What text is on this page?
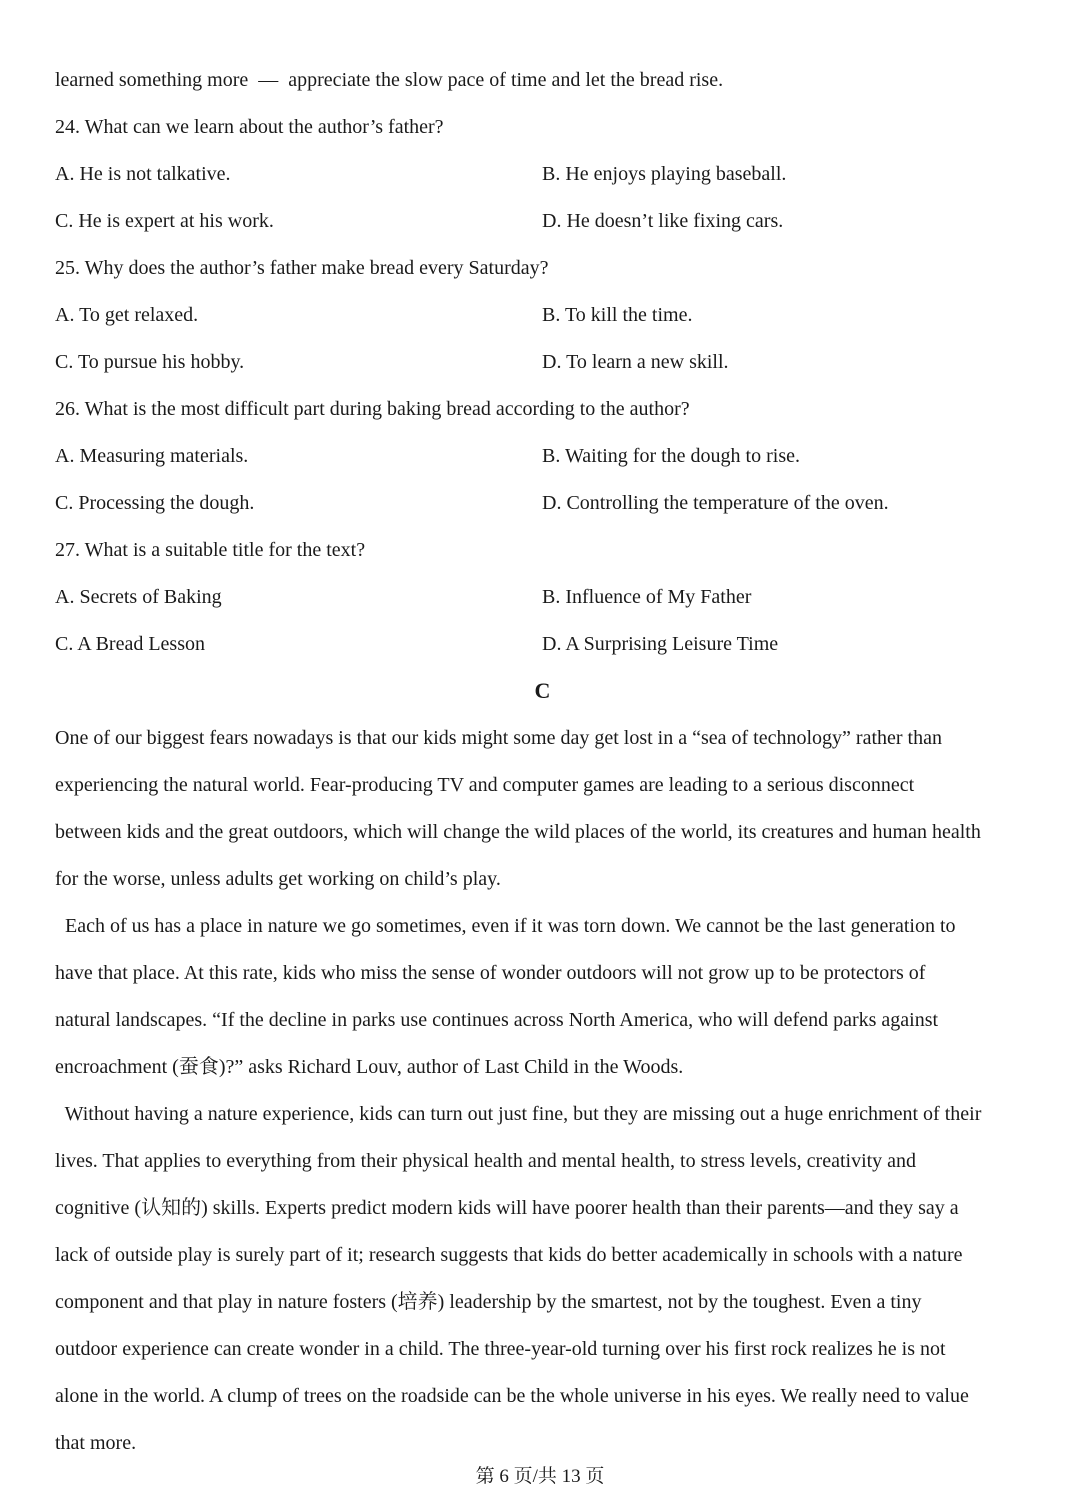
learned something more  —  appreciate the slow pace of time and let the bread rise.
24. What can we learn about the author’s father?
A. He is not talkative.	B. He enjoys playing baseball.
C. He is expert at his work.	D. He doesn’t like fixing cars.
25. Why does the author’s father make bread every Saturday?
A. To get relaxed.	B. To kill the time.
C. To pursue his hobby.	D. To learn a new skill.
26. What is the most difficult part during baking bread according to the author?
A. Measuring materials.	B. Waiting for the dough to rise.
C. Processing the dough.	D. Controlling the temperature of the oven.
27. What is a suitable title for the text?
A. Secrets of Baking	B. Influence of My Father
C. A Bread Lesson	D. A Surprising Leisure Time
C
One of our biggest fears nowadays is that our kids might some day get lost in a “sea of technology” rather than
experiencing the natural world. Fear-producing TV and computer games are leading to a serious disconnect
between kids and the great outdoors, which will change the wild places of the world, its creatures and human health
for the worse, unless adults get working on child’s play.
Each of us has a place in nature we go sometimes, even if it was torn down. We cannot be the last generation to
have that place. At this rate, kids who miss the sense of wonder outdoors will not grow up to be protectors of
natural landscapes. “If the decline in parks use continues across North America, who will defend parks against
encroachment (蚕食)?” asks Richard Louv, author of Last Child in the Woods.
Without having a nature experience, kids can turn out just fine, but they are missing out a huge enrichment of their
lives. That applies to everything from their physical health and mental health, to stress levels, creativity and
cognitive (认知的) skills. Experts predict modern kids will have poorer health than their parents—and they say a
lack of outside play is surely part of it; research suggests that kids do better academically in schools with a nature
component and that play in nature fosters (培养) leadership by the smartest, not by the toughest. Even a tiny
outdoor experience can create wonder in a child. The three-year-old turning over his first rock realizes he is not
alone in the world. A clump of trees on the roadside can be the whole universe in his eyes. We really need to value
that more.
第 6 页/共 13 页
